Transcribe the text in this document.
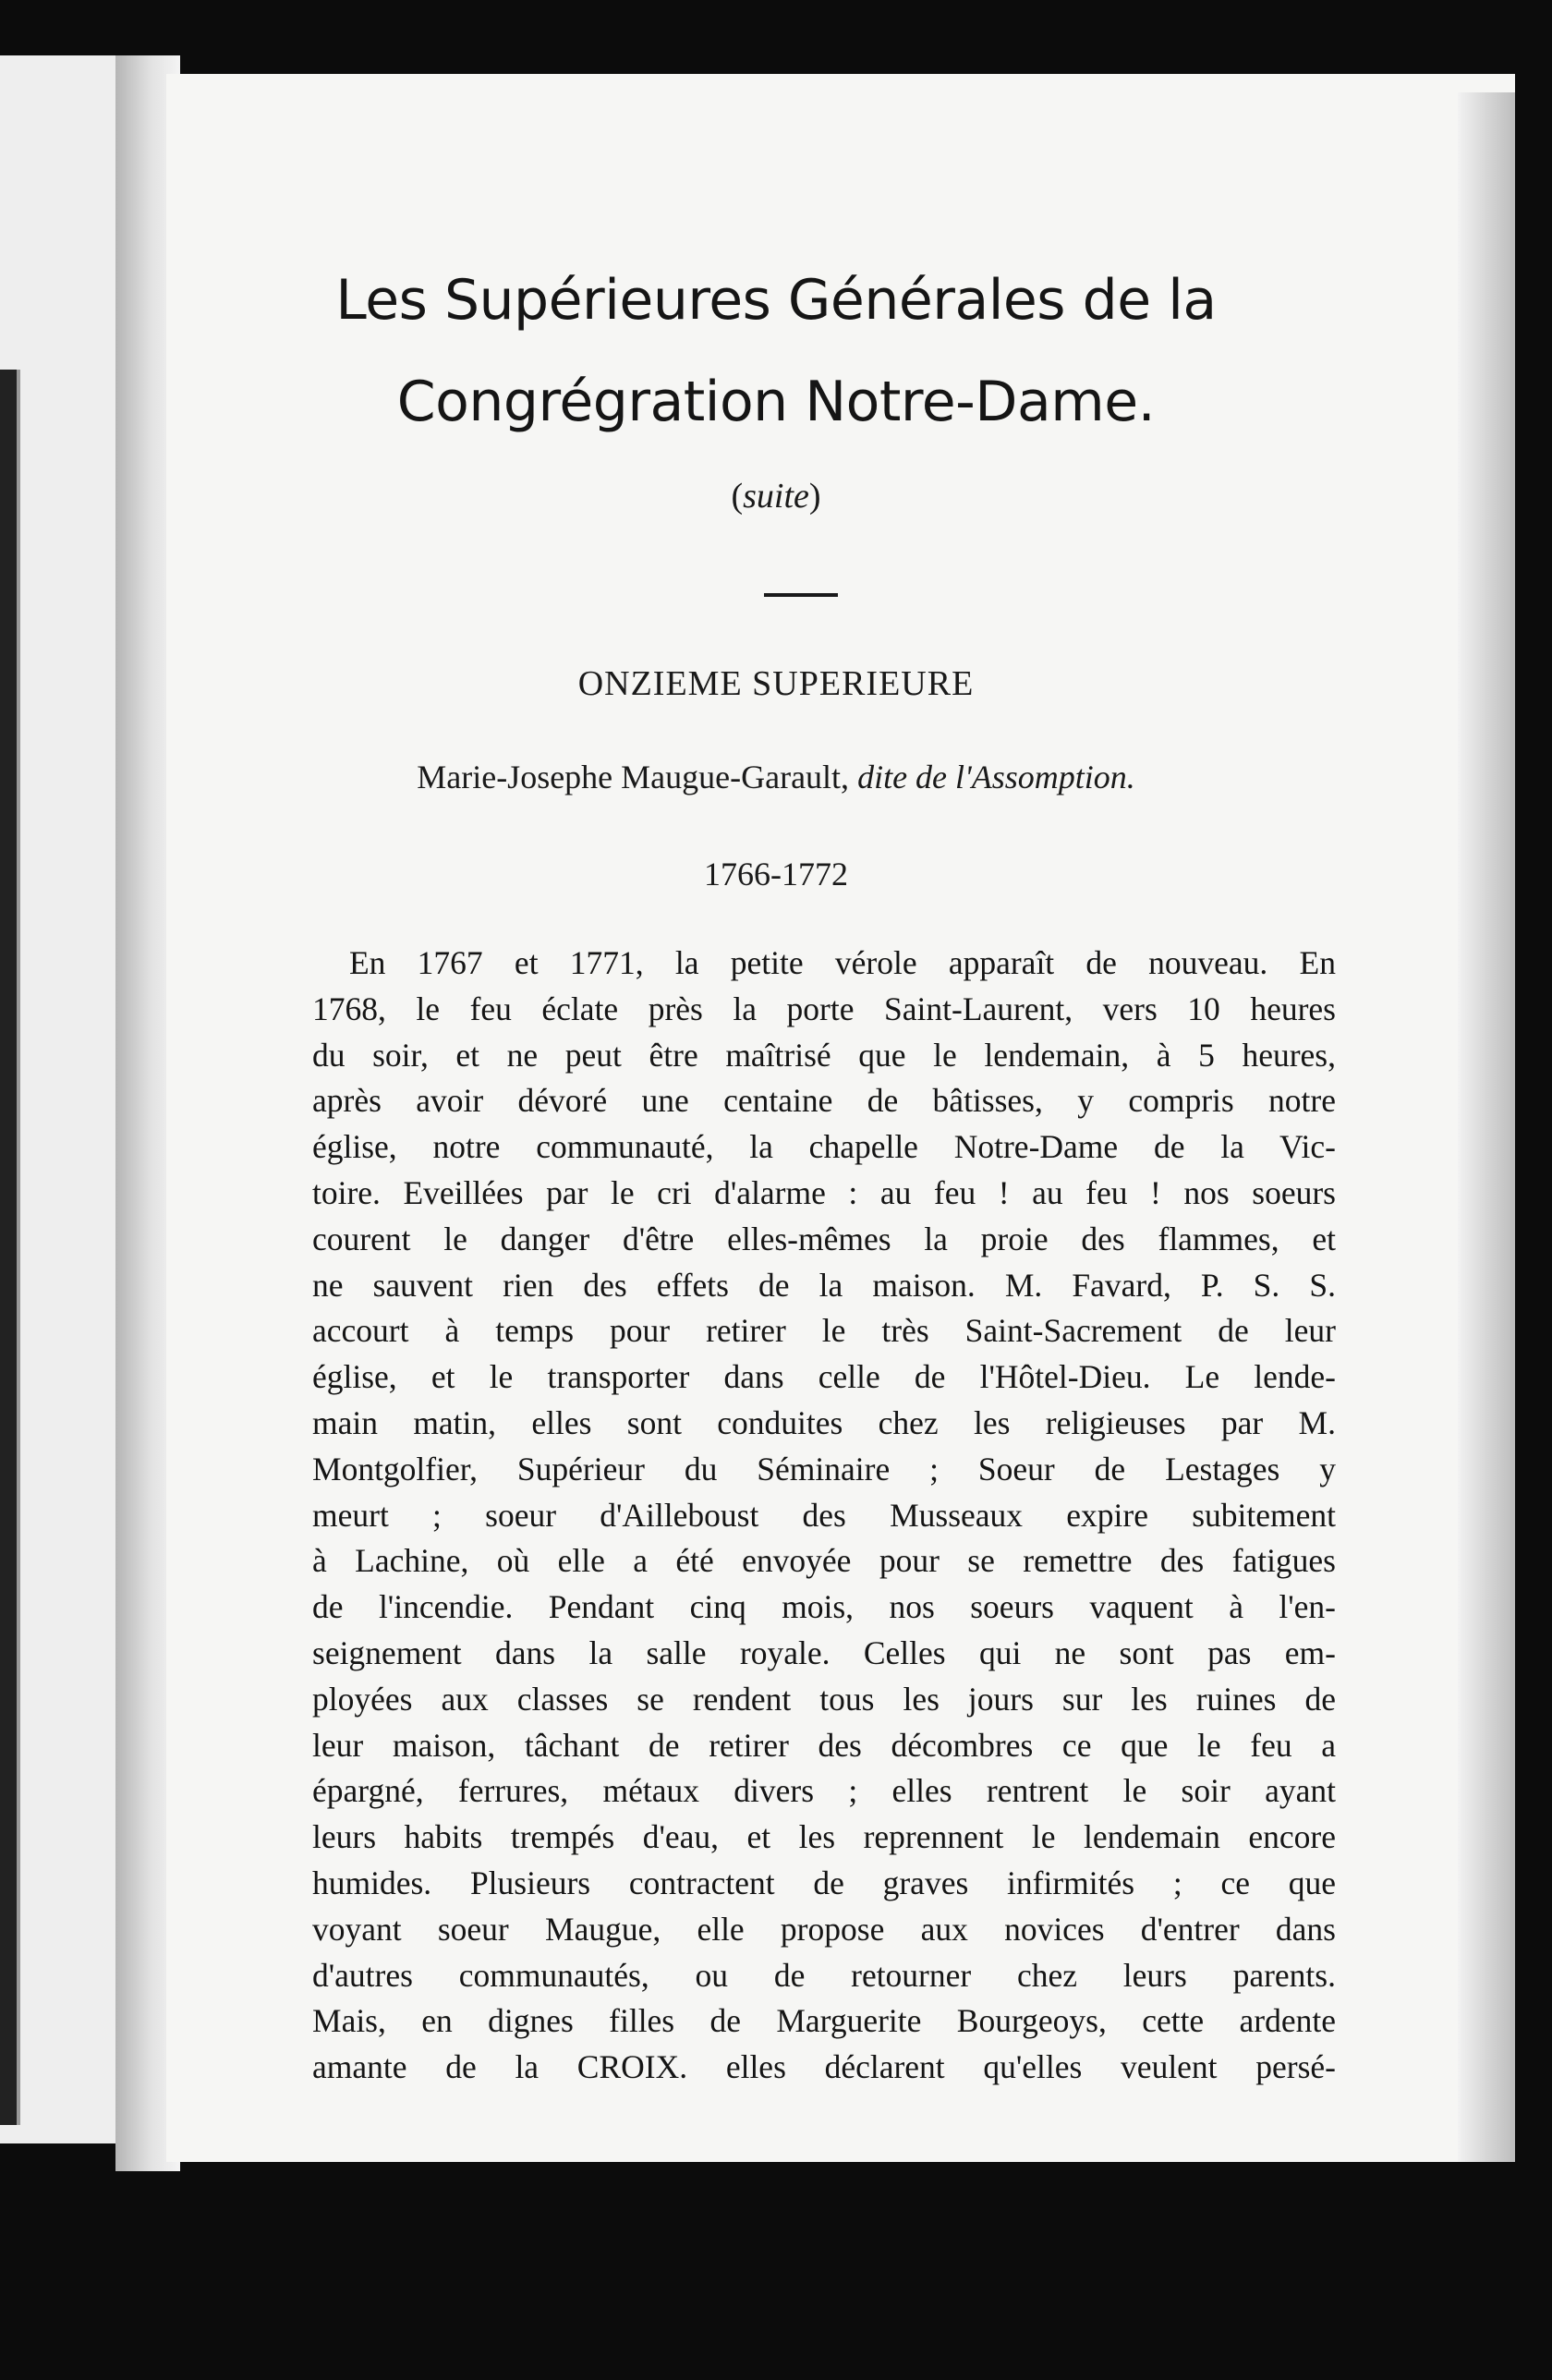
Les Supérieures Générales de la
Congrégration Notre-Dame.
(suite)
ONZIEME SUPERIEURE
Marie-Josephe Maugue-Garault, dite de l'Assomption.
1766-1772
En 1767 et 1771, la petite vérole apparaît de nouveau. En
1768, le feu éclate près la porte Saint-Laurent, vers 10 heures
du soir, et ne peut être maîtrisé que le lendemain, à 5 heures,
après avoir dévoré une centaine de bâtisses, y compris notre
église, notre communauté, la chapelle Notre-Dame de la Vic-
toire. Eveillées par le cri d'alarme : au feu ! au feu ! nos soeurs
courent le danger d'être elles-mêmes la proie des flammes, et
ne sauvent rien des effets de la maison. M. Favard, P. S. S.
accourt à temps pour retirer le très Saint-Sacrement de leur
église, et le transporter dans celle de l'Hôtel-Dieu. Le lende-
main matin, elles sont conduites chez les religieuses par M.
Montgolfier, Supérieur du Séminaire ; Soeur de Lestages y
meurt ; soeur d'Ailleboust des Musseaux expire subitement
à Lachine, où elle a été envoyée pour se remettre des fatigues
de l'incendie. Pendant cinq mois, nos soeurs vaquent à l'en-
seignement dans la salle royale. Celles qui ne sont pas em-
ployées aux classes se rendent tous les jours sur les ruines de
leur maison, tâchant de retirer des décombres ce que le feu a
épargné, ferrures, métaux divers ; elles rentrent le soir ayant
leurs habits trempés d'eau, et les reprennent le lendemain encore
humides. Plusieurs contractent de graves infirmités ; ce que
voyant soeur Maugue, elle propose aux novices d'entrer dans
d'autres communautés, ou de retourner chez leurs parents.
Mais, en dignes filles de Marguerite Bourgeoys, cette ardente
amante de la CROIX. elles déclarent qu'elles veulent persé-
